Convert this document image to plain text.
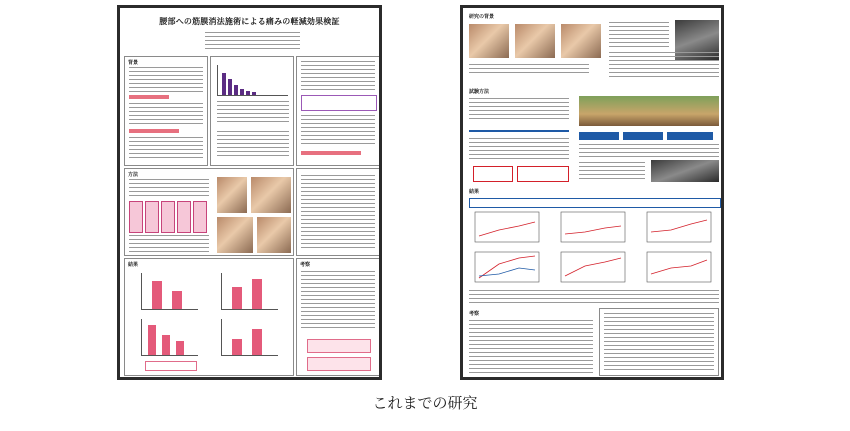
腰部への筋膜消法施術による痛みの軽減効果検証
背景
方法
結果	考察
研究の背景
試験方法
結果
考察
これまでの研究
